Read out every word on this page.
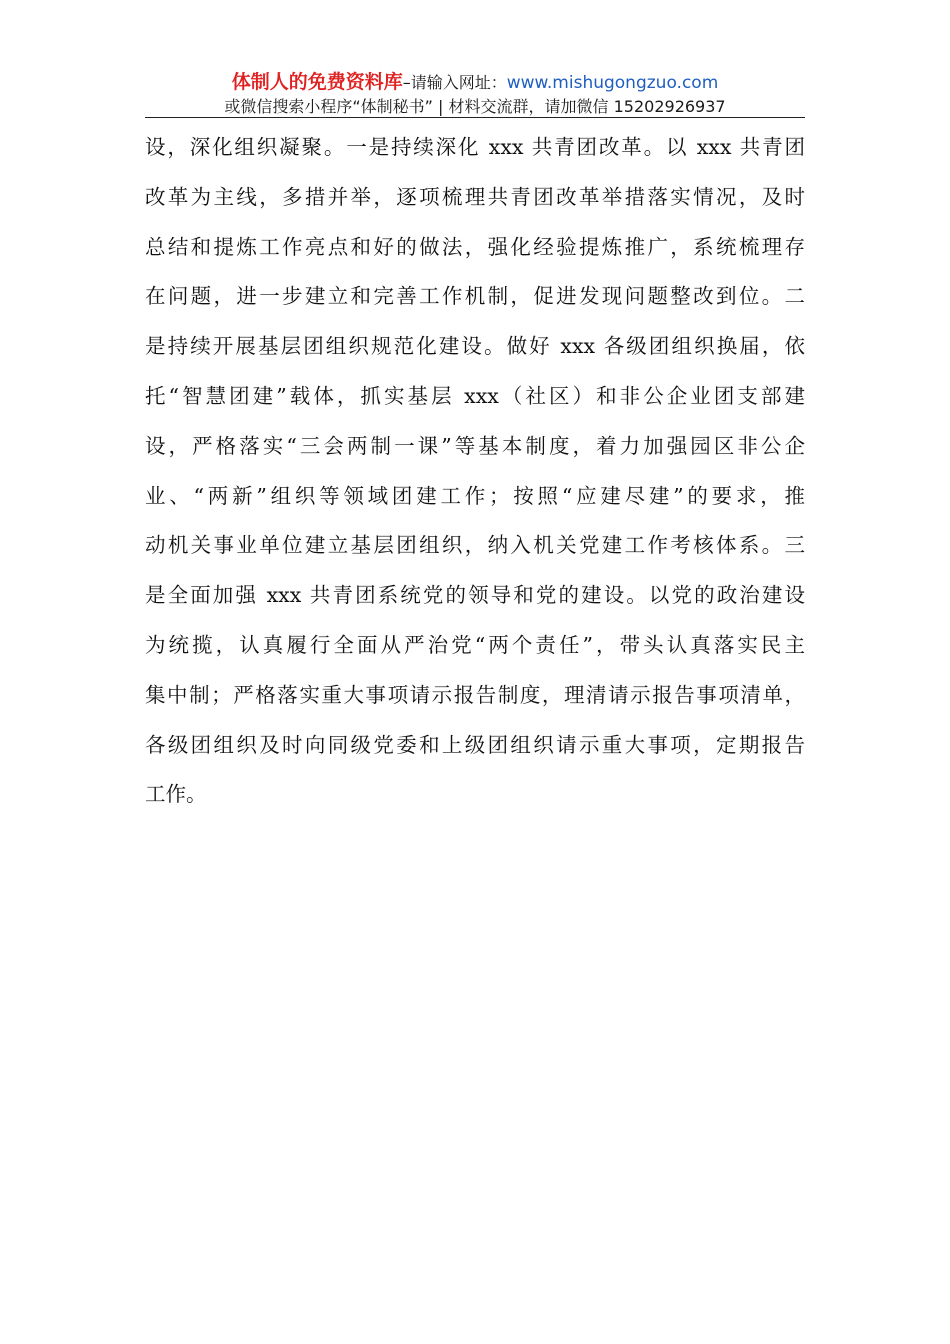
体制人的免费资料库–请输入网址：www.mishugongzuo.com
或微信搜索小程序“体制秘书” | 材料交流群，请加微信 15202926937
设，深化组织凝聚。一是持续深化 xxx 共青团改革。以 xxx 共青团
改革为主线，多措并举，逐项梳理共青团改革举措落实情况，及时
总结和提炼工作亮点和好的做法，强化经验提炼推广，系统梳理存
在问题，进一步建立和完善工作机制，促进发现问题整改到位。二
是持续开展基层团组织规范化建设。做好 xxx 各级团组织换届，依
托“智慧团建”载体，抓实基层 xxx（社区）和非公企业团支部建
设，严格落实“三会两制一课”等基本制度，着力加强园区非公企
业、“两新”组织等领域团建工作；按照“应建尽建”的要求，推
动机关事业单位建立基层团组织，纳入机关党建工作考核体系。三
是全面加强 xxx 共青团系统党的领导和党的建设。以党的政治建设
为统揽，认真履行全面从严治党“两个责任”，带头认真落实民主
集中制；严格落实重大事项请示报告制度，理清请示报告事项清单，
各级团组织及时向同级党委和上级团组织请示重大事项，定期报告
工作。
